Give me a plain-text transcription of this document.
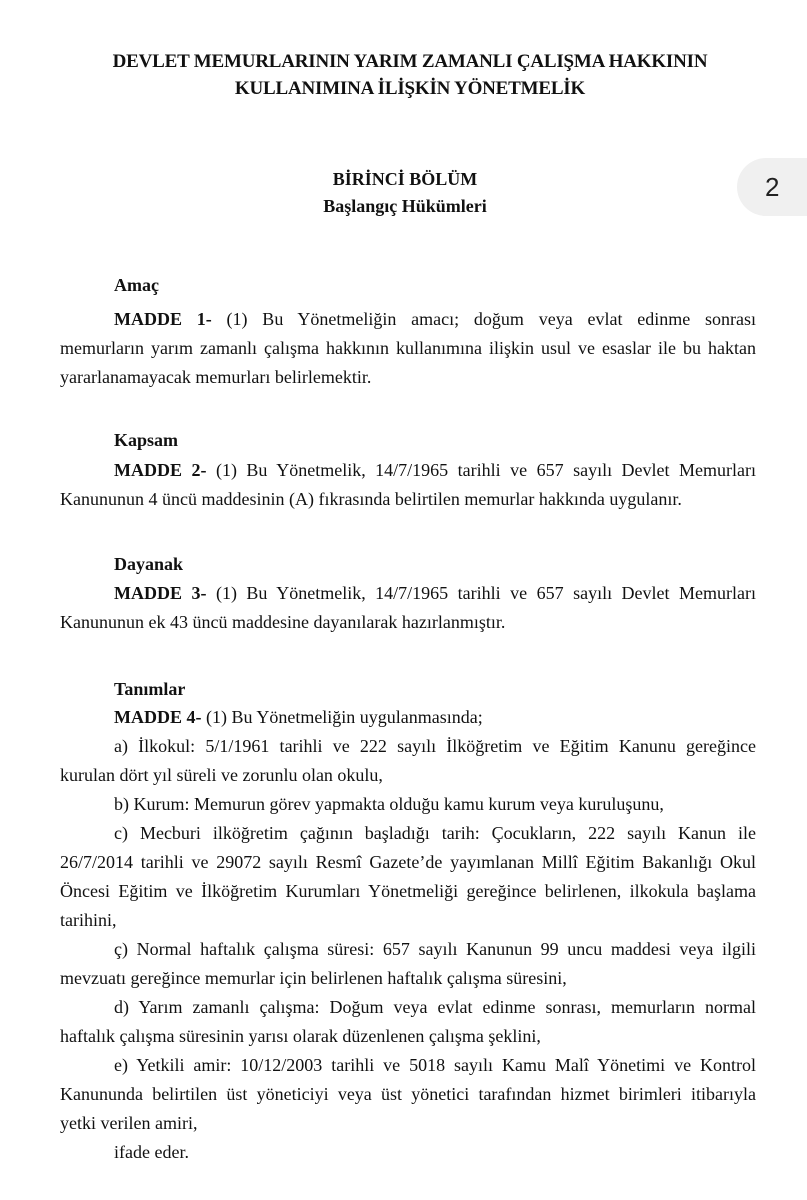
DEVLET MEMURLARININ YARIM ZAMANLI ÇALIŞMA HAKKININ
KULLANIMINA İLİŞKİN YÖNETMELİK
BİRİNCİ BÖLÜM
Başlangıç Hükümleri
2
Amaç
MADDE 1- (1) Bu Yönetmeliğin amacı; doğum veya evlat edinme sonrası
memurların yarım zamanlı çalışma hakkının kullanımına ilişkin usul ve esaslar ile bu haktan
yararlanamayacak memurları belirlemektir.
Kapsam
MADDE 2- (1) Bu Yönetmelik, 14/7/1965 tarihli ve 657 sayılı Devlet Memurları
Kanununun 4 üncü maddesinin (A) fıkrasında belirtilen memurlar hakkında uygulanır.
Dayanak
MADDE 3- (1) Bu Yönetmelik, 14/7/1965 tarihli ve 657 sayılı Devlet Memurları
Kanununun ek 43 üncü maddesine dayanılarak hazırlanmıştır.
Tanımlar
MADDE 4- (1) Bu Yönetmeliğin uygulanmasında;
a) İlkokul: 5/1/1961 tarihli ve 222 sayılı İlköğretim ve Eğitim Kanunu gereğince
kurulan dört yıl süreli ve zorunlu olan okulu,
b) Kurum: Memurun görev yapmakta olduğu kamu kurum veya kuruluşunu,
c) Mecburi ilköğretim çağının başladığı tarih: Çocukların, 222 sayılı Kanun ile
26/7/2014 tarihli ve 29072 sayılı Resmî Gazete’de yayımlanan Millî Eğitim Bakanlığı Okul
Öncesi Eğitim ve İlköğretim Kurumları Yönetmeliği gereğince belirlenen, ilkokula başlama
tarihini,
ç) Normal haftalık çalışma süresi: 657 sayılı Kanunun 99 uncu maddesi veya ilgili
mevzuatı gereğince memurlar için belirlenen haftalık çalışma süresini,
d) Yarım zamanlı çalışma: Doğum veya evlat edinme sonrası, memurların normal
haftalık çalışma süresinin yarısı olarak düzenlenen çalışma şeklini,
e) Yetkili amir: 10/12/2003 tarihli ve 5018 sayılı Kamu Malî Yönetimi ve Kontrol
Kanununda belirtilen üst yöneticiyi veya üst yönetici tarafından hizmet birimleri itibarıyla
yetki verilen amiri,
ifade eder.
